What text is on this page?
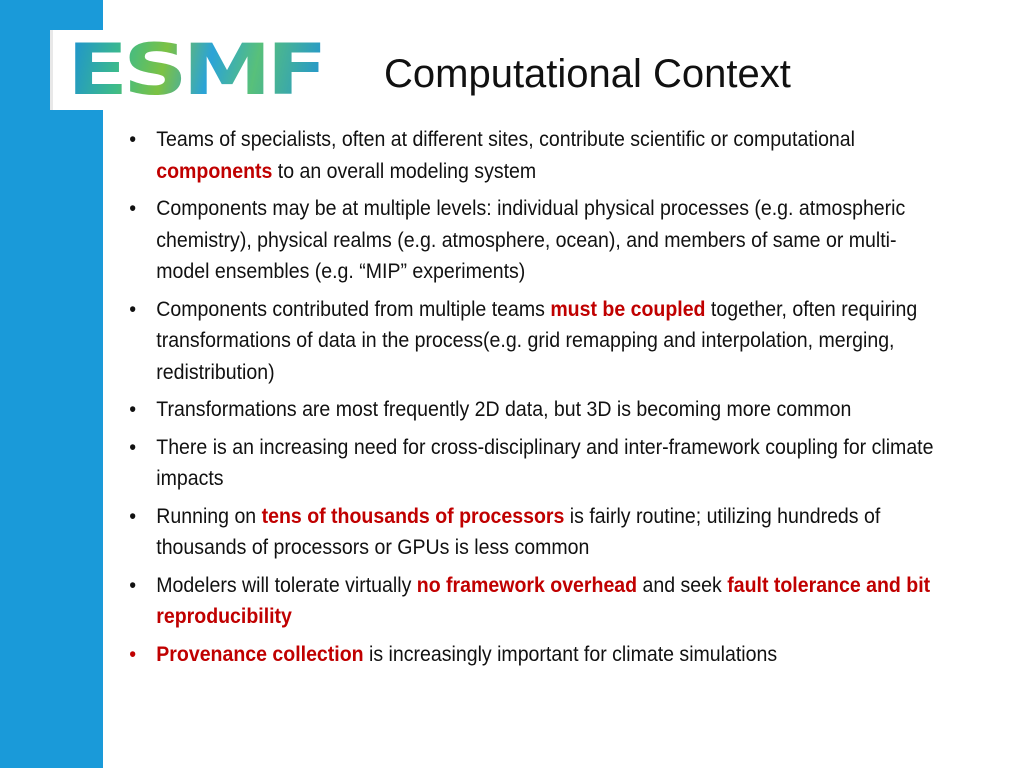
ESMF Computational Context
• Teams of specialists, often at different sites, contribute scientific or computational components to an overall modeling system
• Components may be at multiple levels: individual physical processes (e.g. atmospheric chemistry), physical realms (e.g. atmosphere, ocean), and members of same or multi-model ensembles (e.g. “MIP” experiments)
• Components contributed from multiple teams must be coupled together, often requiring transformations of data in the process(e.g. grid remapping and interpolation, merging, redistribution)
• Transformations are most frequently 2D data, but 3D is becoming more common
• There is an increasing need for cross-disciplinary and inter-framework coupling for climate impacts
• Running on tens of thousands of processors is fairly routine; utilizing hundreds of thousands of processors or GPUs is less common
• Modelers will tolerate virtually no framework overhead and seek fault tolerance and bit reproducibility
• Provenance collection is increasingly important for climate simulations
